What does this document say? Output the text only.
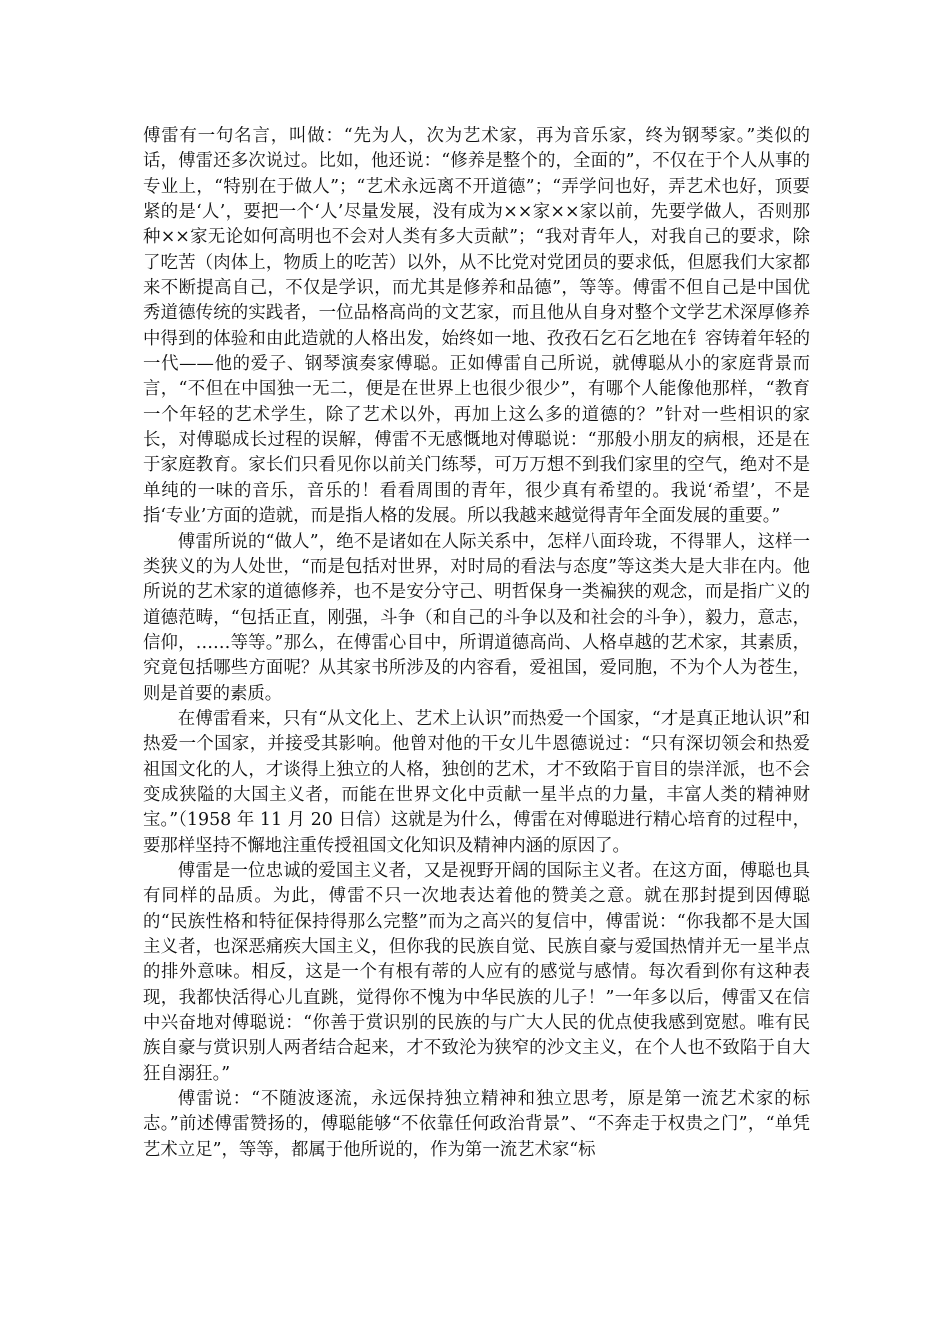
傅雷有一句名言，叫做：“先为人，次为艺术家，再为音乐家，终为钢琴家。”类似的话，傅雷还多次说过。比如，他还说：“修养是整个的，全面的”，不仅在于个人从事的专业上，“特别在于做人”；“艺术永远离不开道德”；“弄学问也好，弄艺术也好，顶要紧的是‘人’，要把一个‘人’尽量发展，没有成为××家××家以前，先要学做人，否则那种××家无论如何高明也不会对人类有多大贡献”；“我对青年人，对我自己的要求，除了吃苦（肉体上，物质上的吃苦）以外，从不比党对党团员的要求低，但愿我们大家都来不断提高自己，不仅是学识，而尤其是修养和品德”，等等。傅雷不但自己是中国优秀道德传统的实践者，一位品格高尚的文艺家，而且他从自身对整个文学艺术深厚修养中得到的体验和由此造就的人格出发，始终如一地、孜孜石乞石乞地在钅容铸着年轻的一代——他的爱子、钢琴演奏家傅聪。正如傅雷自己所说，就傅聪从小的家庭背景而言，“不但在中国独一无二，便是在世界上也很少很少”，有哪个人能像他那样，“教育一个年轻的艺术学生，除了艺术以外，再加上这么多的道德的？”针对一些相识的家长，对傅聪成长过程的误解，傅雷不无感慨地对傅聪说：“那般小朋友的病根，还是在于家庭教育。家长们只看见你以前关门练琴，可万万想不到我们家里的空气，绝对不是单纯的一味的音乐，音乐的！看看周围的青年，很少真有希望的。我说‘希望’，不是指‘专业’方面的造就，而是指人格的发展。所以我越来越觉得青年全面发展的重要。”

傅雷所说的“做人”，绝不是诸如在人际关系中，怎样八面玲珑，不得罪人，这样一类狭义的为人处世，“而是包括对世界，对时局的看法与态度”等这类大是大非在内。他所说的艺术家的道德修养，也不是安分守己、明哲保身一类褊狭的观念，而是指广义的道德范畴，“包括正直，刚强，斗争（和自己的斗争以及和社会的斗争），毅力，意志，信仰，……等等。”那么，在傅雷心目中，所谓道德高尚、人格卓越的艺术家，其素质，究竟包括哪些方面呢？从其家书所涉及的内容看，爱祖国，爱同胞，不为个人为苍生，则是首要的素质。

在傅雷看来，只有“从文化上、艺术上认识”而热爱一个国家，“才是真正地认识”和热爱一个国家，并接受其影响。他曾对他的干女儿牛恩德说过：“只有深切领会和热爱祖国文化的人，才谈得上独立的人格，独创的艺术，才不致陷于盲目的崇洋派，也不会变成狭隘的大国主义者，而能在世界文化中贡献一星半点的力量，丰富人类的精神财宝。”（1958 年 11 月 20 日信）这就是为什么，傅雷在对傅聪进行精心培育的过程中，要那样坚持不懈地注重传授祖国文化知识及精神内涵的原因了。

傅雷是一位忠诚的爱国主义者，又是视野开阔的国际主义者。在这方面，傅聪也具有同样的品质。为此，傅雷不只一次地表达着他的赞美之意。就在那封提到因傅聪的“民族性格和特征保持得那么完整”而为之高兴的复信中，傅雷说：“你我都不是大国主义者，也深恶痛疾大国主义，但你我的民族自觉、民族自豪与爱国热情并无一星半点的排外意味。相反，这是一个有根有蒂的人应有的感觉与感情。每次看到你有这种表现，我都快活得心儿直跳，觉得你不愧为中华民族的儿子！”一年多以后，傅雷又在信中兴奋地对傅聪说：“你善于赏识别的民族的与广大人民的优点使我感到宽慰。唯有民族自豪与赏识别人两者结合起来，才不致沦为狭窄的沙文主义，在个人也不致陷于自大狂自溺狂。”

傅雷说：“不随波逐流，永远保持独立精神和独立思考，原是第一流艺术家的标志。”前述傅雷赞扬的，傅聪能够“不依靠任何政治背景”、“不奔走于权贵之门”，“单凭艺术立足”，等等，都属于他所说的，作为第一流艺术家“标
